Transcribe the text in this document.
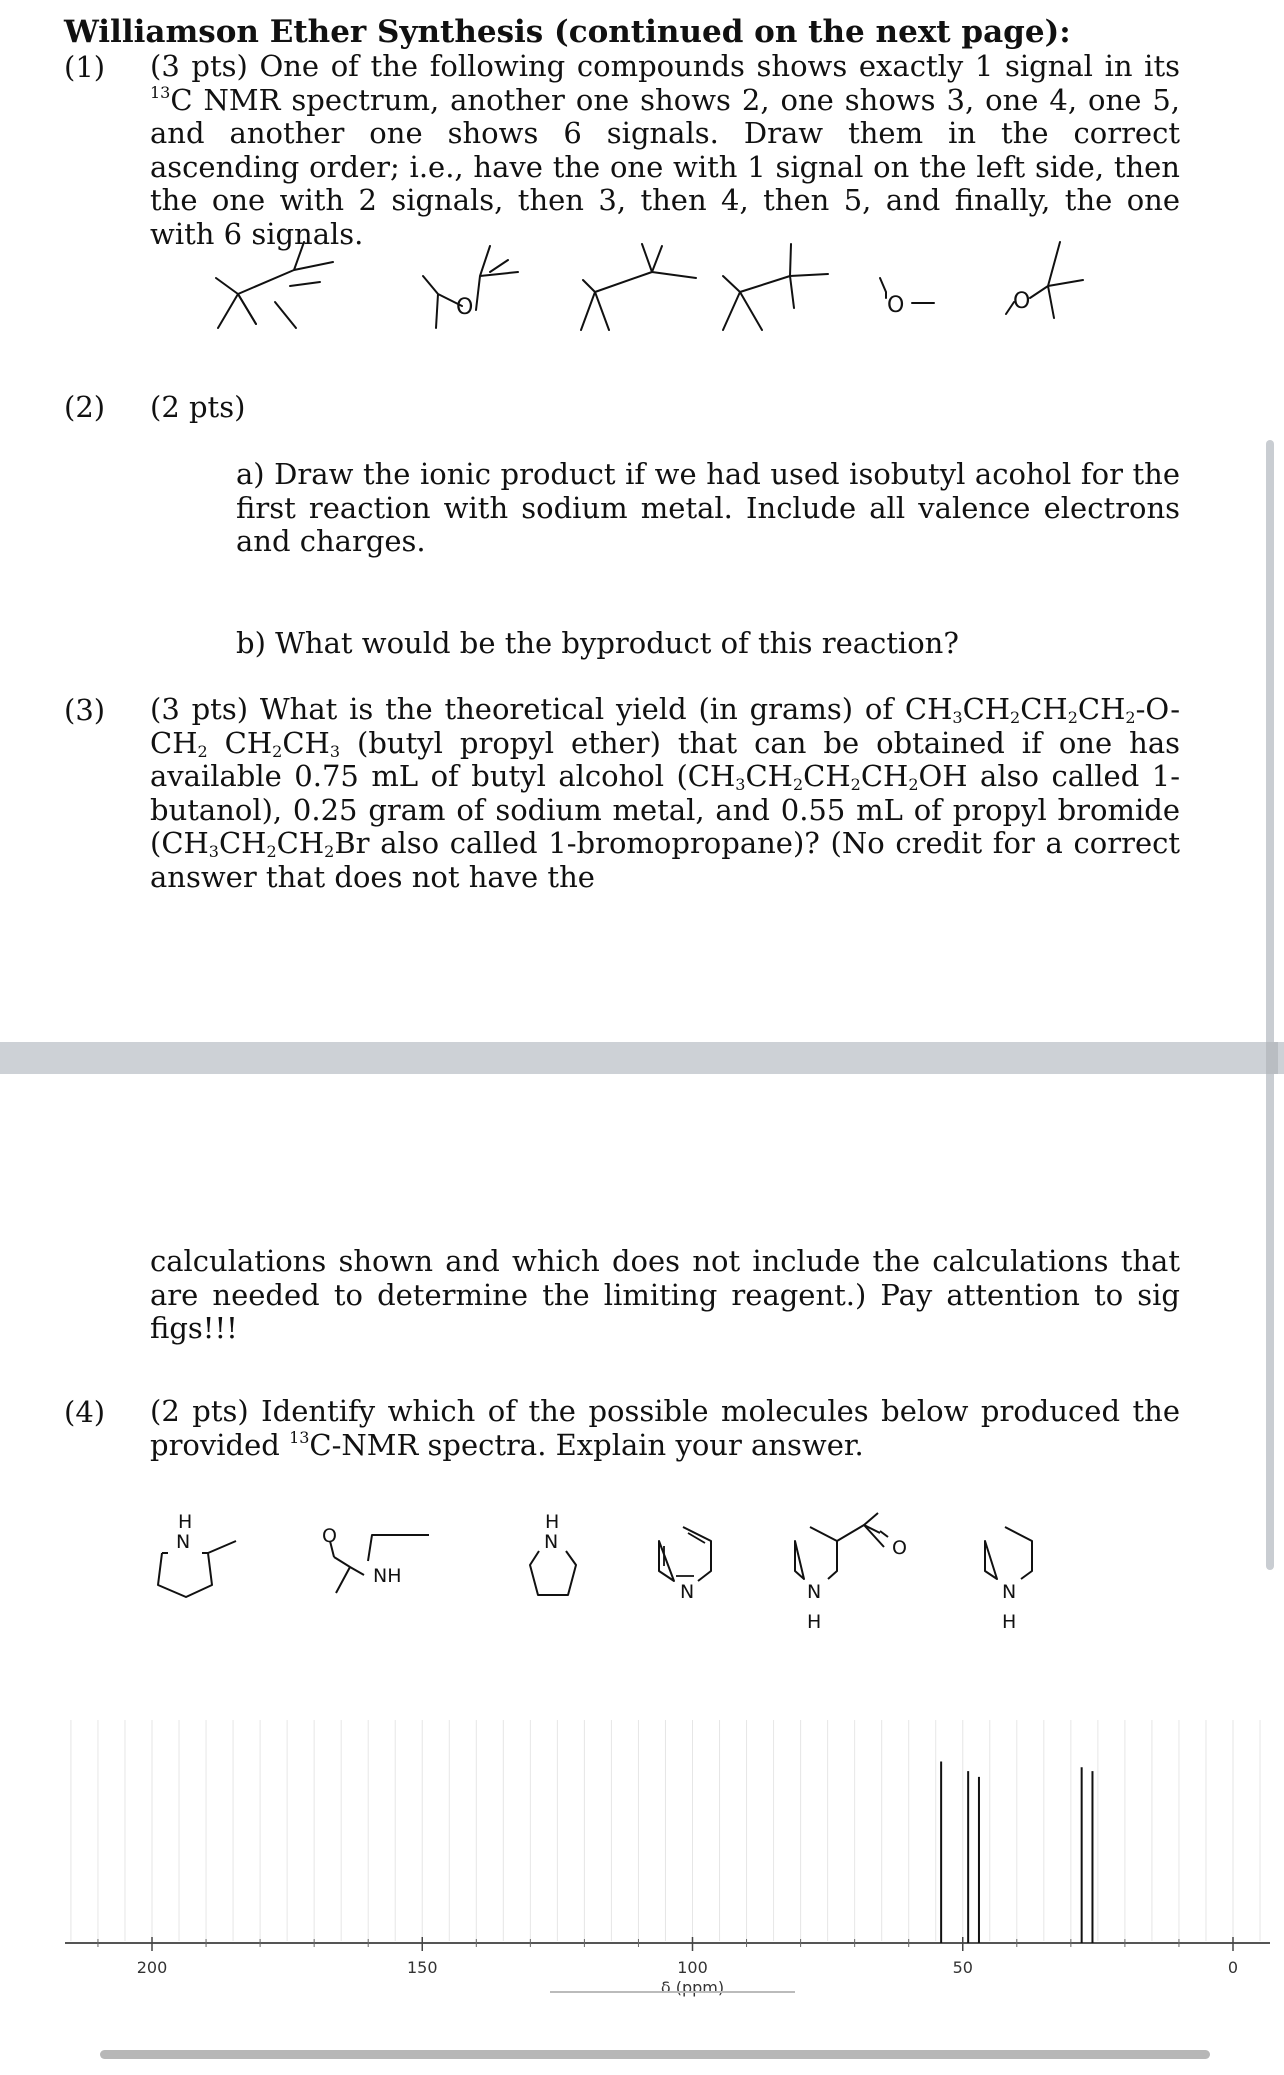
Williamson Ether Synthesis (continued on the next page):
(1) (3 pts) One of the following compounds shows exactly 1 signal in its $^{13}$C NMR spectrum, another one shows 2, one shows 3, one 4, one 5, and another one shows 6 signals. Draw them in the correct ascending order; i.e., have the one with 1 signal on the left side, then the one with 2 signals, then 3, then 4, then 5, and finally, the one with 6 signals.
O	O	O
(2) (2 pts)
a) Draw the ionic product if we had used isobutyl acohol for the first reaction with sodium metal. Include all valence electrons and charges.
b) What would be the byproduct of this reaction?
(3) (3 pts) What is the theoretical yield (in grams) of $CH_3CH_2CH_2CH_2-O-CH_2$ $CH_2CH_3$ (butyl propyl ether) that can be obtained if one has available 0.75 mL of butyl alcohol ($CH_3CH_2CH_2CH_2OH$ also called 1-butanol), 0.25 gram of sodium metal, and 0.55 mL of propyl bromide ($CH_3CH_2CH_2Br$ also called 1-bromopropane)? (No credit for a correct answer that does not have the
calculations shown and which does not include the calculations that are needed to determine the limiting reagent.) Pay attention to sig figs!!!
(4) (2 pts) Identify which of the possible molecules below produced the provided $^{13}$C-NMR spectra. Explain your answer.
H
N	O
NH
H
N
N	N
H
O
N
H
200	150	100	50	0
δ (ppm)
